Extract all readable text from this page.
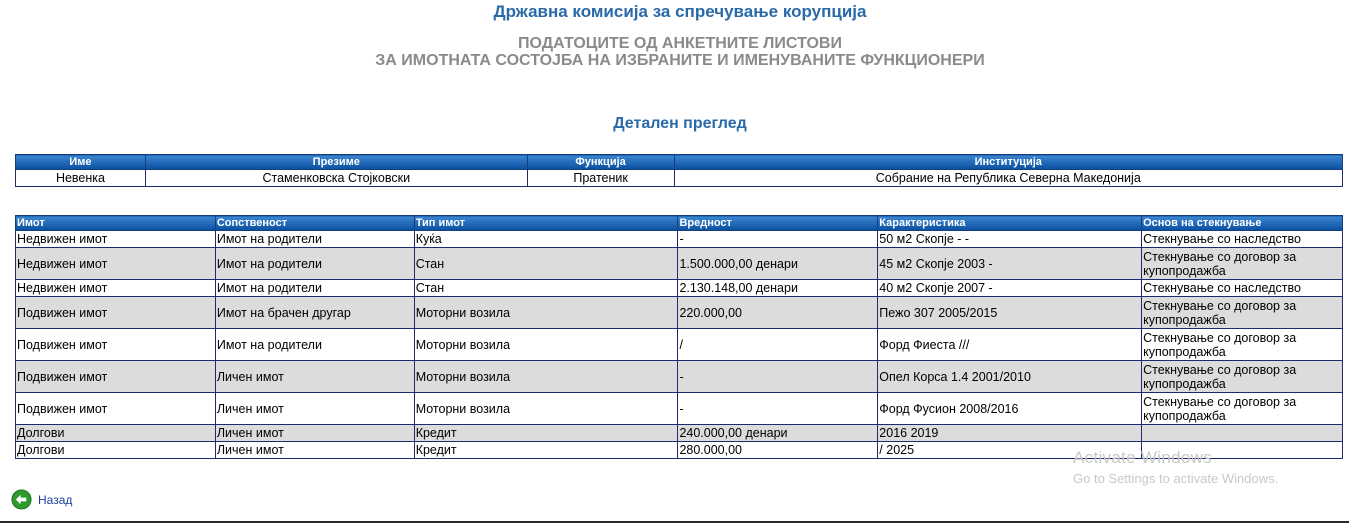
Државна комисија за спречување корупција
ПОДАТОЦИТЕ ОД АНКЕТНИТЕ ЛИСТОВИ
ЗА ИМОТНАТА СОСТОЈБА НА ИЗБРАНИТЕ И ИМЕНУВАНИТЕ ФУНКЦИОНЕРИ
Детален преглед
Име	Презиме	Функција	Институција
Невенка	Стаменковска Стојковски	Пратеник	Собрание на Република Северна Македонија
Имот	Сопственост	Тип имот	Вредност	Карактеристика	Основ на стекнување
Недвижен имот	Имот на родители	Куќа	-	50 м2 Скопје - -	Стекнување со наследство
Недвижен имот	Имот на родители	Стан	1.500.000,00 денари	45 м2 Скопје 2003 -	Стекнување со договор за купопродажба
Недвижен имот	Имот на родители	Стан	2.130.148,00 денари	40 м2 Скопје 2007 -	Стекнување со наследство
Подвижен имот	Имот на брачен другар	Моторни возила	220.000,00	Пежо 307 2005/2015	Стекнување со договор за купопродажба
Подвижен имот	Имот на родители	Моторни возила	/	Форд Фиеста ///	Стекнување со договор за купопродажба
Подвижен имот	Личен имот	Моторни возила	-	Опел Корса 1.4 2001/2010	Стекнување со договор за купопродажба
Подвижен имот	Личен имот	Моторни возила	-	Форд Фусион 2008/2016	Стекнување со договор за купопродажба
Долгови	Личен имот	Кредит	240.000,00 денари	2016 2019	
Долгови	Личен имот	Кредит	280.000,00	/ 2025	
Назад
Activate Windows
Go to Settings to activate Windows.
